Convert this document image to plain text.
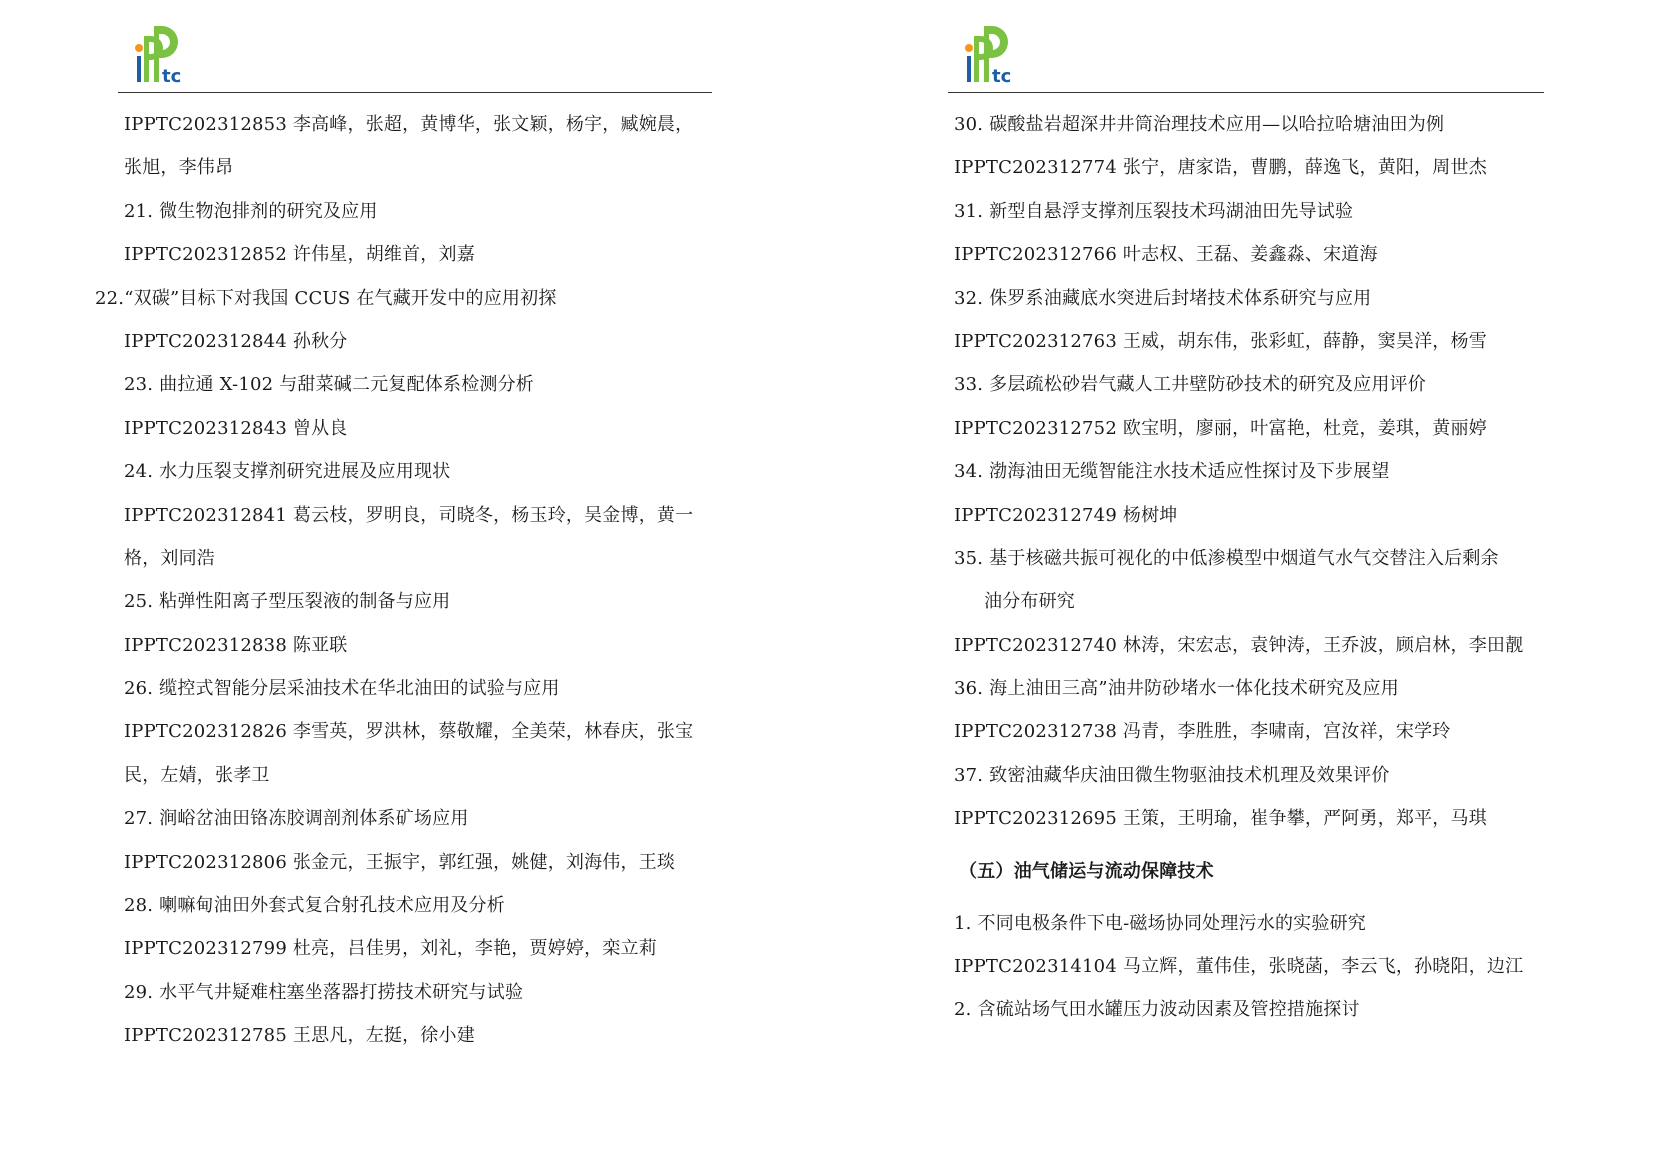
tc
IPPTC202312853 李高峰，张超，黄博华，张文颖，杨宇，臧婉晨，
张旭，李伟昂
21. 微生物泡排剂的研究及应用
IPPTC202312852 许伟星，胡维首，刘嘉
22.“双碳”目标下对我国 CCUS 在气藏开发中的应用初探
IPPTC202312844 孙秋分
23. 曲拉通 X-102 与甜菜碱二元复配体系检测分析
IPPTC202312843 曾从良
24. 水力压裂支撑剂研究进展及应用现状
IPPTC202312841 葛云枝，罗明良，司晓冬，杨玉玲，吴金博，黄一
格，刘同浩
25. 粘弹性阳离子型压裂液的制备与应用
IPPTC202312838 陈亚联
26. 缆控式智能分层采油技术在华北油田的试验与应用
IPPTC202312826 李雪英，罗洪林，蔡敬耀，全美荣，林春庆，张宝
民，左婧，张孝卫
27. 涧峪岔油田铬冻胶调剖剂体系矿场应用
IPPTC202312806 张金元，王振宇，郭红强，姚健，刘海伟，王琰
28. 喇嘛甸油田外套式复合射孔技术应用及分析
IPPTC202312799 杜亮，吕佳男，刘礼，李艳，贾婷婷，栾立莉
29. 水平气井疑难柱塞坐落器打捞技术研究与试验
IPPTC202312785 王思凡，左挺，徐小建
tc
30. 碳酸盐岩超深井井筒治理技术应用—以哈拉哈塘油田为例
IPPTC202312774 张宁，唐家诰，曹鹏，薛逸飞，黄阳，周世杰
31. 新型自悬浮支撑剂压裂技术玛湖油田先导试验
IPPTC202312766 叶志权、王磊、姜鑫淼、宋道海
32. 侏罗系油藏底水突进后封堵技术体系研究与应用
IPPTC202312763 王威，胡东伟，张彩虹，薛静，窦昊洋，杨雪
33. 多层疏松砂岩气藏人工井壁防砂技术的研究及应用评价
IPPTC202312752 欧宝明，廖丽，叶富艳，杜竞，姜琪，黄丽婷
34. 渤海油田无缆智能注水技术适应性探讨及下步展望
IPPTC202312749 杨树坤
35. 基于核磁共振可视化的中低渗模型中烟道气水气交替注入后剩余
油分布研究
IPPTC202312740 林涛，宋宏志，袁钟涛，王乔波，顾启林，李田靓
36. 海上油田三高”油井防砂堵水一体化技术研究及应用
IPPTC202312738 冯青，李胜胜，李啸南，宫汝祥，宋学玲
37. 致密油藏华庆油田微生物驱油技术机理及效果评价
IPPTC202312695 王策，王明瑜，崔争攀，严阿勇，郑平，马琪
（五）油气储运与流动保障技术
1. 不同电极条件下电-磁场协同处理污水的实验研究
IPPTC202314104 马立辉，董伟佳，张晓菡，李云飞，孙晓阳，边江
2. 含硫站场气田水罐压力波动因素及管控措施探讨
